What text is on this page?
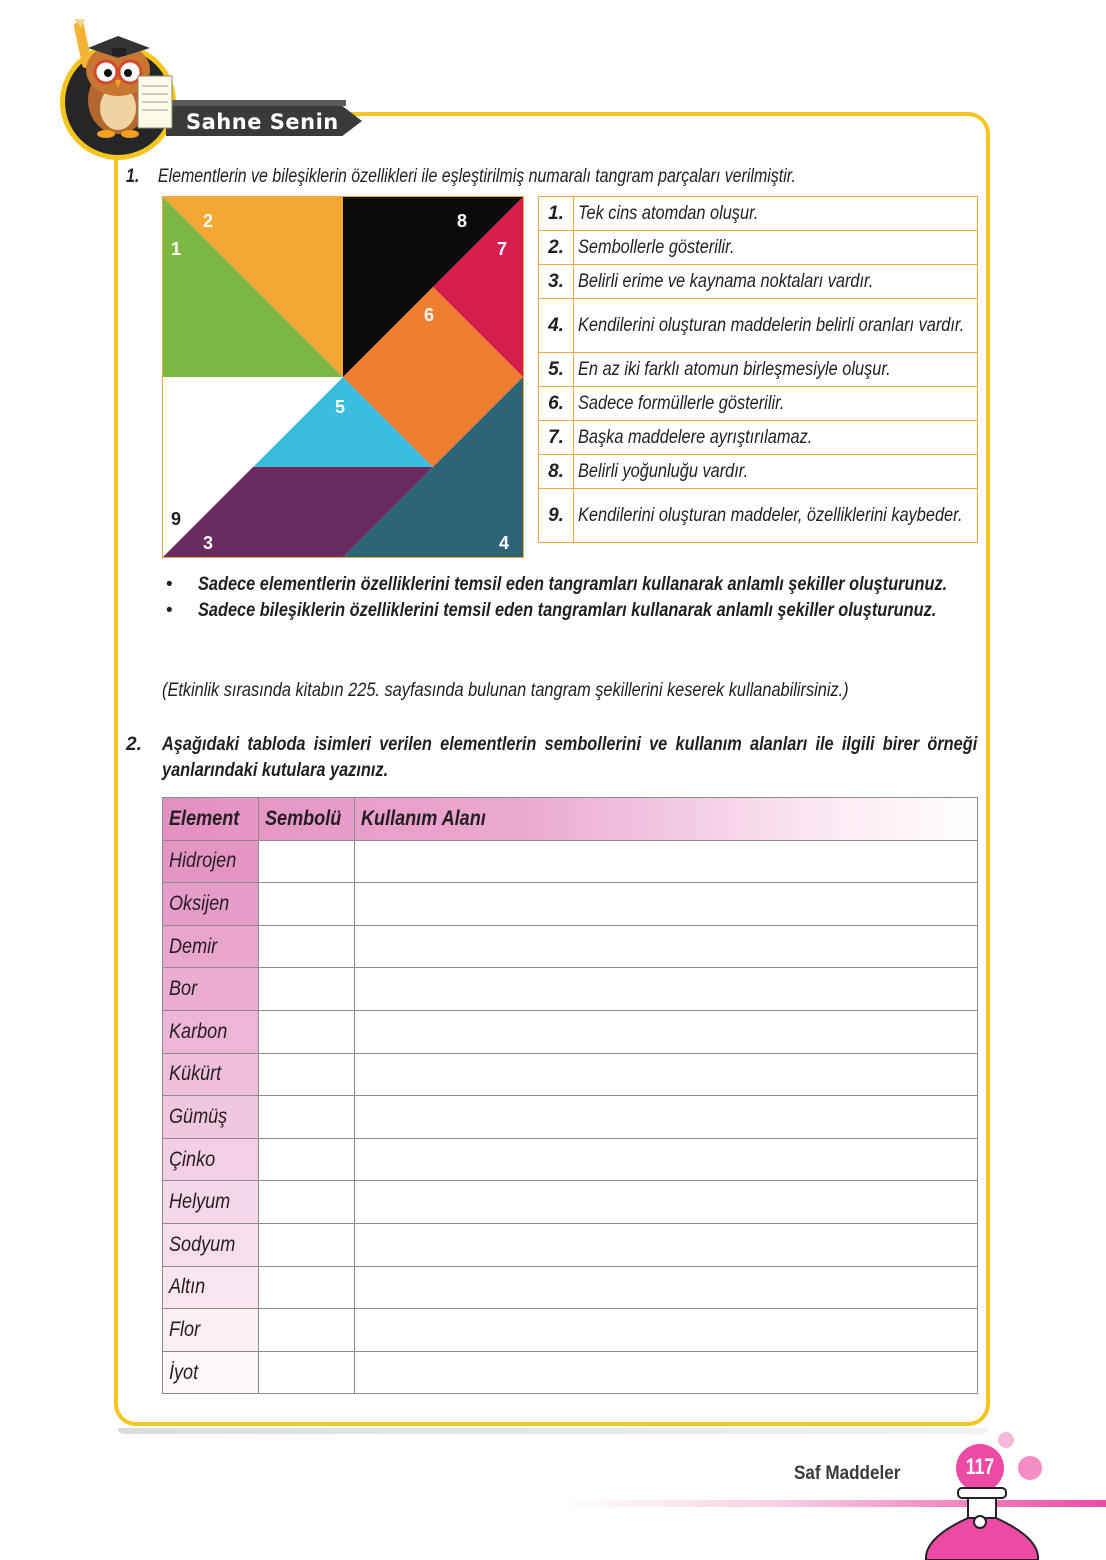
Sahne Senin
1. Elementlerin ve bileşiklerin özellikleri ile eşleştirilmiş numaralı tangram parçaları verilmiştir.
1
2
3	4
5
6
7
8
9
1.	Tek cins atomdan oluşur.

2.	Sembollerle gösterilir.

3.	Belirli erime ve kaynama noktaları vardır.

4.	Kendilerini oluşturan maddelerin belirli oranları vardır.

5.	En az iki farklı atomun birleşmesiyle oluşur.

6.	Sadece formüllerle gösterilir.

7.	Başka maddelere ayrıştırılamaz.

8.	Belirli yoğunluğu vardır.

9.	Kendilerini oluşturan maddeler, özelliklerini kaybeder.
• Sadece elementlerin özelliklerini temsil eden tangramları kullanarak anlamlı şekiller oluşturunuz.
• Sadece bileşiklerin özelliklerini temsil eden tangramları kullanarak anlamlı şekiller oluşturunuz.
(Etkinlik sırasında kitabın 225. sayfasında bulunan tangram şekillerini keserek kullanabilirsiniz.)
2. Aşağıdaki tabloda isimleri verilen elementlerin sembollerini ve kullanım alanları ile ilgili birer örneği yanlarındaki kutulara yazınız.
Element	Sembolü	Kullanım Alanı
Hidrojen		
Oksijen		
Demir		
Bor		
Karbon		
Kükürt		
Gümüş		
Çinko		
Helyum		
Sodyum		
Altın		
Flor		
İyot		
Saf Maddeler	117
